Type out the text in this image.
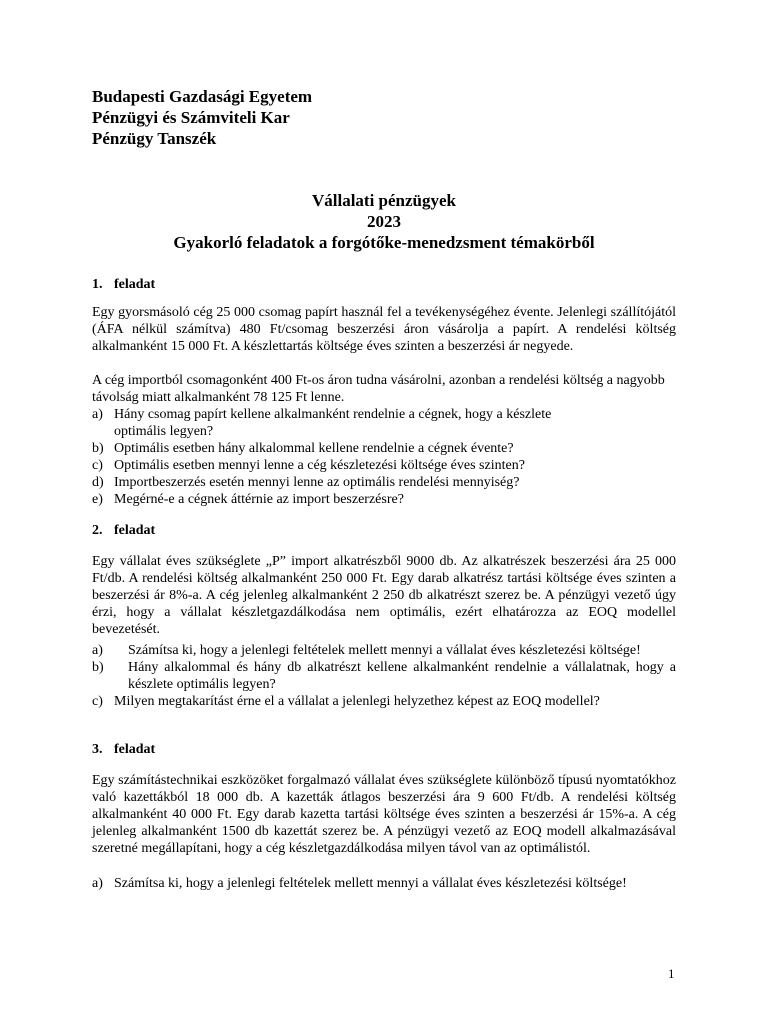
Budapesti Gazdasági Egyetem
Pénzügyi és Számviteli Kar
Pénzügy Tanszék
Vállalati pénzügyek
2023
Gyakorló feladatok a forgótőke-menedzsment témakörből
1. feladat
Egy gyorsmásoló cég 25 000 csomag papírt használ fel a tevékenységéhez évente. Jelenlegi szállítójától (ÁFA nélkül számítva) 480 Ft/csomag beszerzési áron vásárolja a papírt. A rendelési költség alkalmanként 15 000 Ft. A készlettartás költsége éves szinten a beszerzési ár negyede.
A cég importból csomagonként 400 Ft-os áron tudna vásárolni, azonban a rendelési költség a nagyobb távolság miatt alkalmanként 78 125 Ft lenne.
a) Hány csomag papírt kellene alkalmanként rendelnie a cégnek, hogy a készlete
optimális legyen?
b) Optimális esetben hány alkalommal kellene rendelnie a cégnek évente?
c) Optimális esetben mennyi lenne a cég készletezési költsége éves szinten?
d) Importbeszerzés esetén mennyi lenne az optimális rendelési mennyiség?
e) Megérné-e a cégnek áttérnie az import beszerzésre?
2. feladat
Egy vállalat éves szükséglete „P” import alkatrészből 9000 db. Az alkatrészek beszerzési ára 25 000 Ft/db. A rendelési költség alkalmanként 250 000 Ft. Egy darab alkatrész tartási költsége éves szinten a beszerzési ár 8%-a. A cég jelenleg alkalmanként 2 250 db alkatrészt szerez be. A pénzügyi vezető úgy érzi, hogy a vállalat készletgazdálkodása nem optimális, ezért elhatározza az EOQ modellel bevezetését.
a)	Számítsa ki, hogy a jelenlegi feltételek mellett mennyi a vállalat éves készletezési költsége!
b)	Hány alkalommal és hány db alkatrészt kellene alkalmanként rendelnie a vállalatnak, hogy a készlete optimális legyen?
c) Milyen megtakarítást érne el a vállalat a jelenlegi helyzethez képest az EOQ modellel?
3. feladat
Egy számítástechnikai eszközöket forgalmazó vállalat éves szükséglete különböző típusú nyomtatókhoz való kazettákból 18 000 db. A kazetták átlagos beszerzési ára 9 600 Ft/db. A rendelési költség alkalmanként 40 000 Ft. Egy darab kazetta tartási költsége éves szinten a beszerzési ár 15%-a. A cég jelenleg alkalmanként 1500 db kazettát szerez be. A pénzügyi vezető az EOQ modell alkalmazásával szeretné megállapítani, hogy a cég készletgazdálkodása milyen távol van az optimálistól.
a) Számítsa ki, hogy a jelenlegi feltételek mellett mennyi a vállalat éves készletezési költsége!
1
